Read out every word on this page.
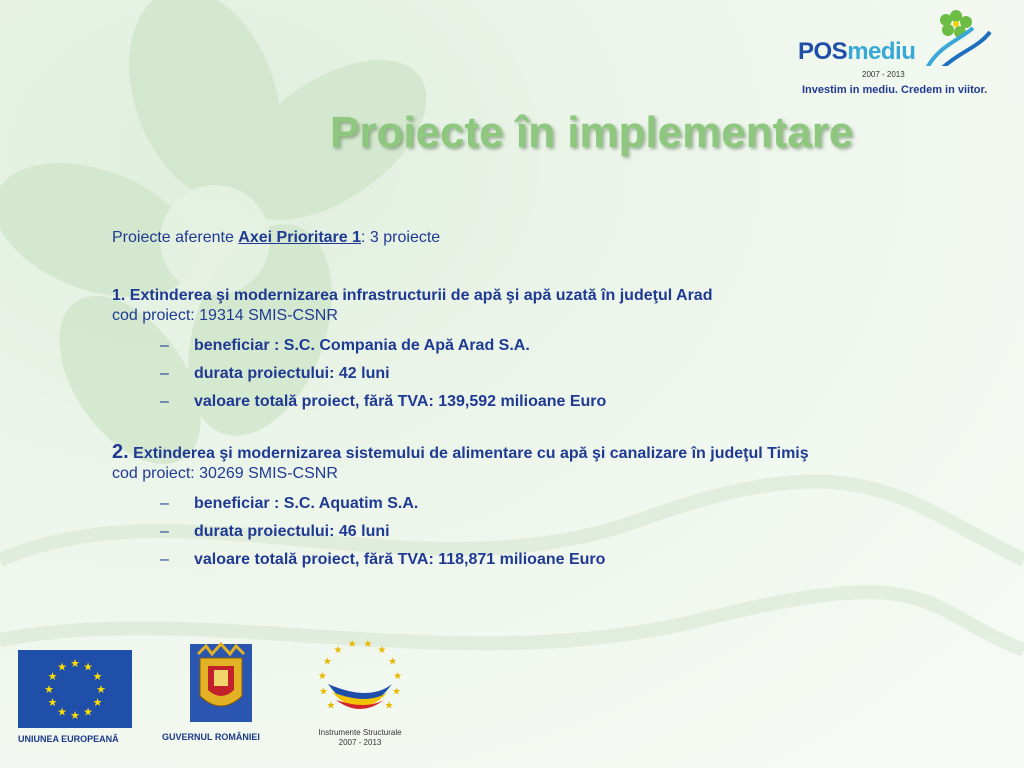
POSmediu
2007 - 2013
Investim in mediu. Credem in viitor.
Proiecte în implementare
Proiecte aferente Axei Prioritare 1: 3 proiecte
1. Extinderea şi modernizarea infrastructurii de apă şi apă uzată în judeţul Arad
cod proiect: 19314 SMIS-CSNR
– beneficiar : S.C. Compania de Apă Arad S.A.
– durata proiectului: 42 luni
– valoare totală proiect, fără TVA: 139,592 milioane Euro
2. Extinderea şi modernizarea sistemului de alimentare cu apă şi canalizare în judeţul Timiş
cod proiect: 30269 SMIS-CSNR
– beneficiar : S.C. Aquatim S.A.
– durata proiectului: 46 luni
– valoare totală proiect, fără TVA: 118,871 milioane Euro
★ ★
★
★
★
★
★
★
★
★
★
★
UNIUNEA EUROPEANĂ	GUVERNUL ROMÂNIEI
★
★
★
★
★
★ ★
★
★
★
★
★
Instrumente Structurale
2007 - 2013
